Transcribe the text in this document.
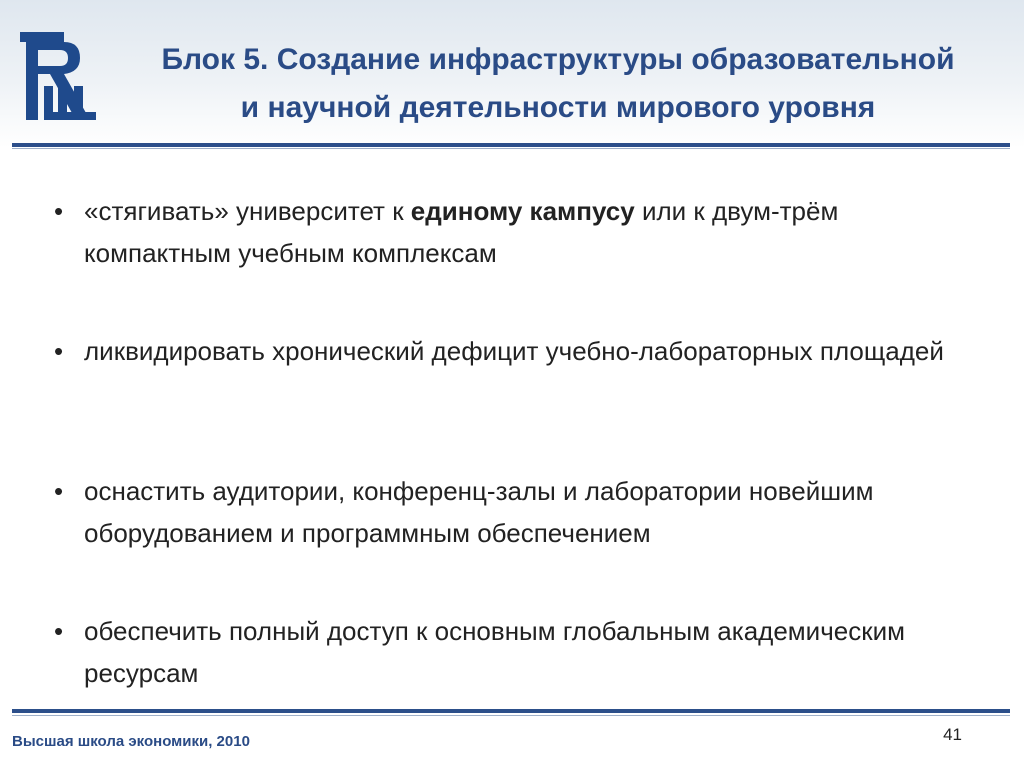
Блок 5. Создание инфраструктуры образовательной
и научной деятельности мирового уровня
• «стягивать» университет к единому кампусу или к двум-трём компактным учебным комплексам
• ликвидировать хронический дефицит учебно-лабораторных площадей
• оснастить аудитории, конференц-залы и лаборатории новейшим оборудованием и программным обеспечением
• обеспечить полный доступ к основным глобальным академическим ресурсам
Высшая школа экономики, 2010	41
